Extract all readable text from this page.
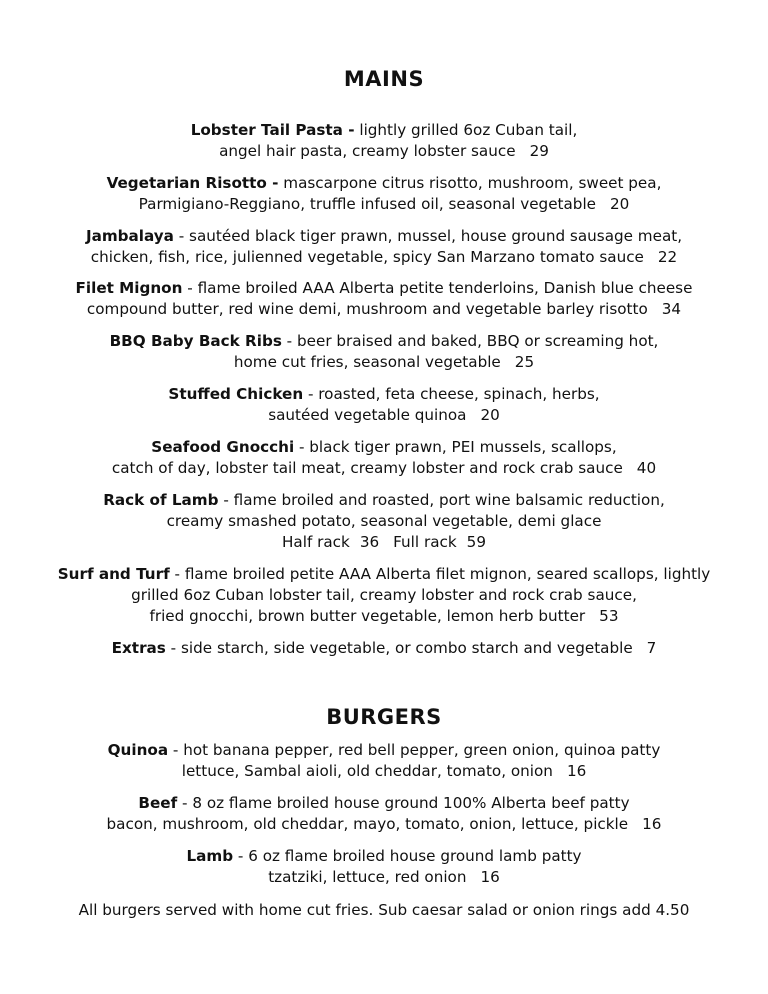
MAINS
Lobster Tail Pasta - lightly grilled 6oz Cuban tail,
angel hair pasta, creamy lobster sauce 29
Vegetarian Risotto - mascarpone citrus risotto, mushroom, sweet pea,
Parmigiano-Reggiano, truffle infused oil, seasonal vegetable 20
Jambalaya - sautéed black tiger prawn, mussel, house ground sausage meat,
chicken, fish, rice, julienned vegetable, spicy San Marzano tomato sauce 22
Filet Mignon - flame broiled AAA Alberta petite tenderloins, Danish blue cheese
compound butter, red wine demi, mushroom and vegetable barley risotto 34
BBQ Baby Back Ribs - beer braised and baked, BBQ or screaming hot,
home cut fries, seasonal vegetable 25
Stuffed Chicken - roasted, feta cheese, spinach, herbs,
sautéed vegetable quinoa 20
Seafood Gnocchi - black tiger prawn, PEI mussels, scallops,
catch of day, lobster tail meat, creamy lobster and rock crab sauce 40
Rack of Lamb - flame broiled and roasted, port wine balsamic reduction,
creamy smashed potato, seasonal vegetable, demi glace
Half rack 36 Full rack 59
Surf and Turf - flame broiled petite AAA Alberta filet mignon, seared scallops, lightly
grilled 6oz Cuban lobster tail, creamy lobster and rock crab sauce,
fried gnocchi, brown butter vegetable, lemon herb butter 53
Extras - side starch, side vegetable, or combo starch and vegetable 7
BURGERS
Quinoa - hot banana pepper, red bell pepper, green onion, quinoa patty
lettuce, Sambal aioli, old cheddar, tomato, onion 16
Beef - 8 oz flame broiled house ground 100% Alberta beef patty
bacon, mushroom, old cheddar, mayo, tomato, onion, lettuce, pickle 16
Lamb - 6 oz flame broiled house ground lamb patty
tzatziki, lettuce, red onion 16

All burgers served with home cut fries. Sub caesar salad or onion rings add 4.50
